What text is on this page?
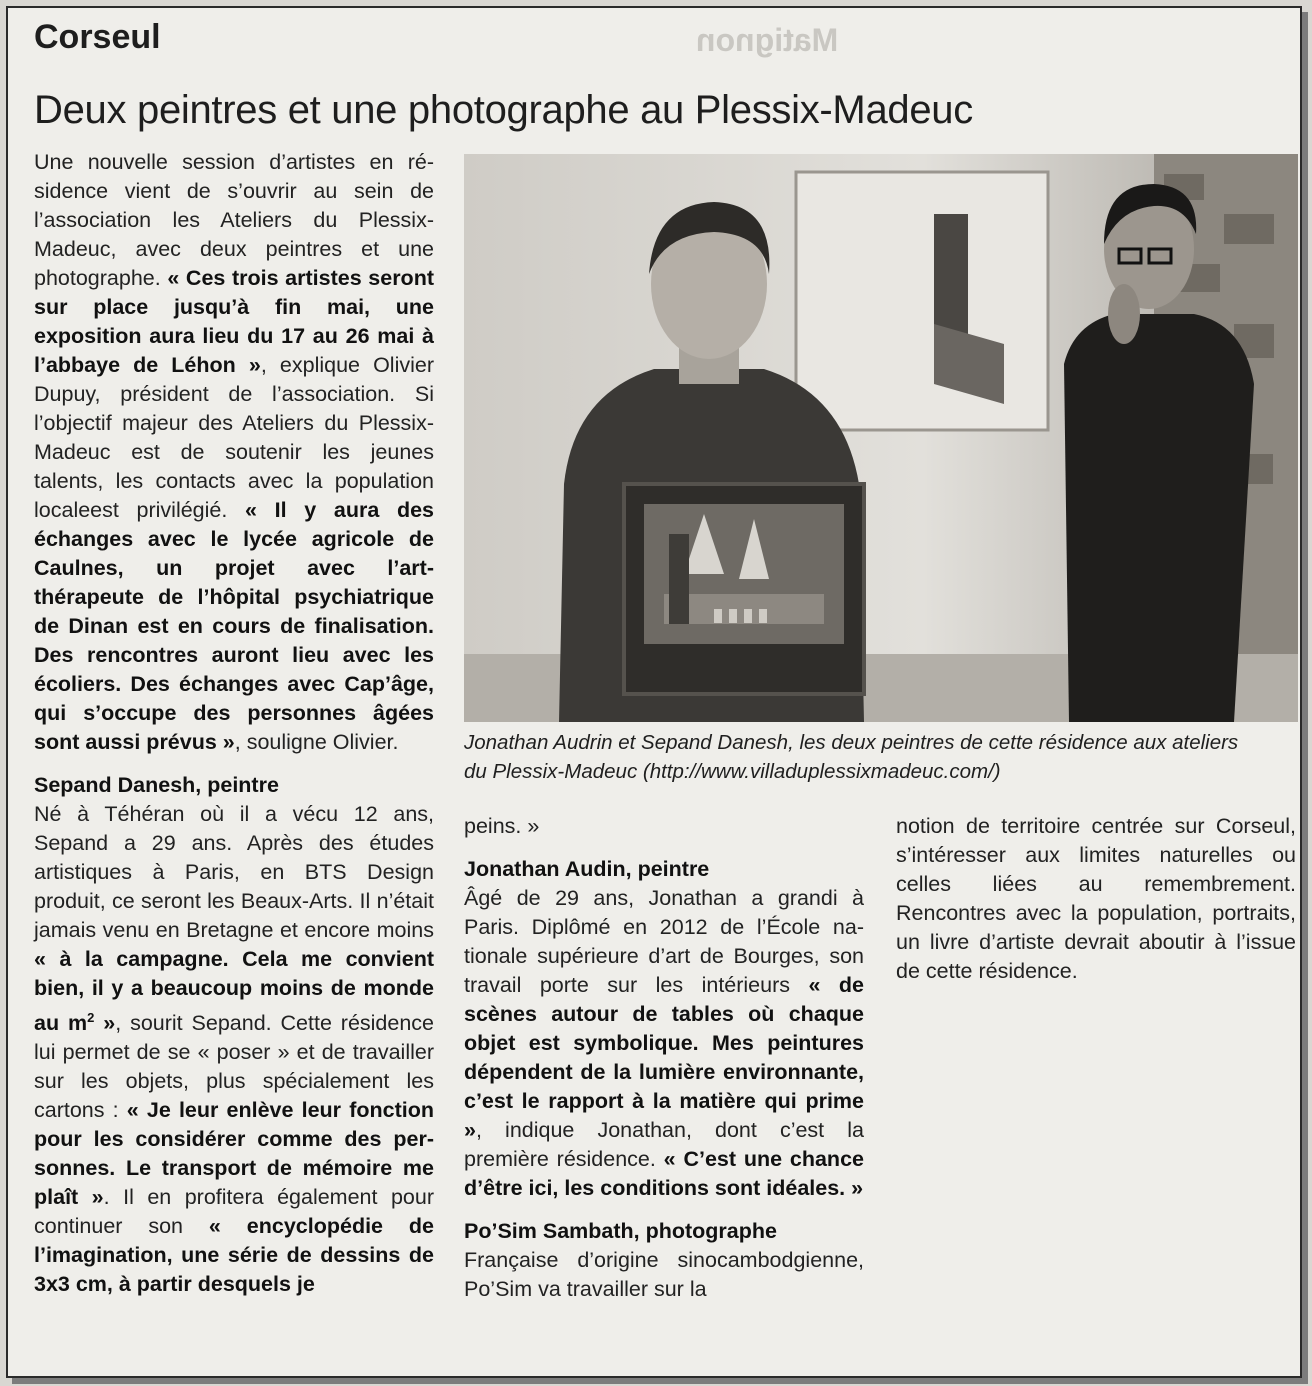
Matignon
Corseul
Deux peintres et une photographe au Plessix-Madeuc

Une nouvelle session d’artistes en résidence vient de s’ouvrir au sein de l’association les Ateliers du Plessix-Madeuc, avec deux peintres et une photographe. « Ces trois artistes seront sur place jusqu’à fin mai, une exposition aura lieu du 17 au 26 mai à l’abbaye de Léhon », explique Olivier Dupuy, président de l’association. Si l’objectif majeur des Ateliers du Plessix-Madeuc est de soutenir les jeunes talents, les contacts avec la population localeest privilégié. « Il y aura des échanges avec le lycée agricole de Caulnes, un projet avec l’art-thérapeute de l’hôpital psychiatrique de Dinan est en cours de finalisation. Des rencontres auront lieu avec les écoliers. Des échanges avec Cap’âge, qui s’occupe des personnes âgées sont aussi prévus », souligne Olivier.

Sepand Danesh, peintre

Né à Téhéran où il a vécu 12 ans, Sepand a 29 ans. Après des études artistiques à Paris, en BTS Design produit, ce seront les Beaux-Arts. Il n’était jamais venu en Bretagne et encore moins « à la campagne. Cela me convient bien, il y a beaucoup moins de monde au $m^2$ », sourit Sepand. Cette résidence lui permet de se « poser » et de travailler sur les objets, plus spécialement les cartons : « Je leur enlève leur fonction pour les considérer comme des personnes. Le transport de mémoire me plaît ». Il en profitera également pour continuer son « encyclopédie de l’imagination, une série de dessins de 3x3 cm, à partir desquels je

Jonathan Audrin et Sepand Danesh, les deux peintres de cette résidence aux ateliers du Plessix-Madeuc (http://www.villaduplessixmadeuc.com/)

peins. »

Jonathan Audin, peintre

Âgé de 29 ans, Jonathan a grandi à Paris. Diplômé en 2012 de l’École nationale supérieure d’art de Bourges, son travail porte sur les intérieurs « de scènes autour de tables où chaque objet est symbolique. Mes peintures dépendent de la lumière environnante, c’est le rapport à la matière qui prime », indique Jonathan, dont c’est la première résidence. « C’est une chance d’être ici, les conditions sont idéales. »

Po’Sim Sambath, photographe

Française d’origine sinocambodgienne, Po’Sim va travailler sur la

notion de territoire centrée sur Corseul, s’intéresser aux limites naturelles ou celles liées au remembrement. Rencontres avec la population, portraits, un livre d’artiste devrait aboutir à l’issue de cette résidence.
